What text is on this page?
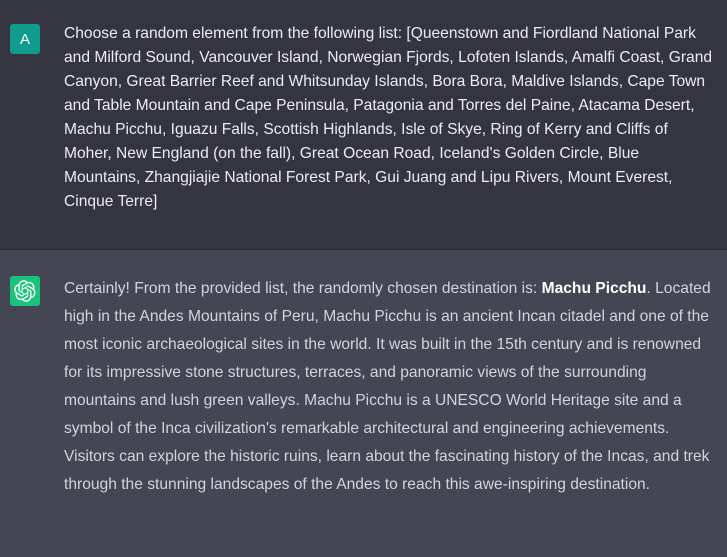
A Choose a random element from the following list: [Queenstown and Fiordland National Park and Milford Sound, Vancouver Island, Norwegian Fjords, Lofoten Islands, Amalfi Coast, Grand Canyon, Great Barrier Reef and Whitsunday Islands, Bora Bora, Maldive Islands, Cape Town and Table Mountain and Cape Peninsula, Patagonia and Torres del Paine, Atacama Desert, Machu Picchu, Iguazu Falls, Scottish Highlands, Isle of Skye, Ring of Kerry and Cliffs of Moher, New England (on the fall), Great Ocean Road, Iceland's Golden Circle, Blue Mountains, Zhangjiajie National Forest Park, Gui Juang and Lipu Rivers, Mount Everest, Cinque Terre]
Certainly! From the provided list, the randomly chosen destination is: Machu Picchu. Located high in the Andes Mountains of Peru, Machu Picchu is an ancient Incan citadel and one of the most iconic archaeological sites in the world. It was built in the 15th century and is renowned for its impressive stone structures, terraces, and panoramic views of the surrounding mountains and lush green valleys. Machu Picchu is a UNESCO World Heritage site and a symbol of the Inca civilization's remarkable architectural and engineering achievements. Visitors can explore the historic ruins, learn about the fascinating history of the Incas, and trek through the stunning landscapes of the Andes to reach this awe-inspiring destination.
